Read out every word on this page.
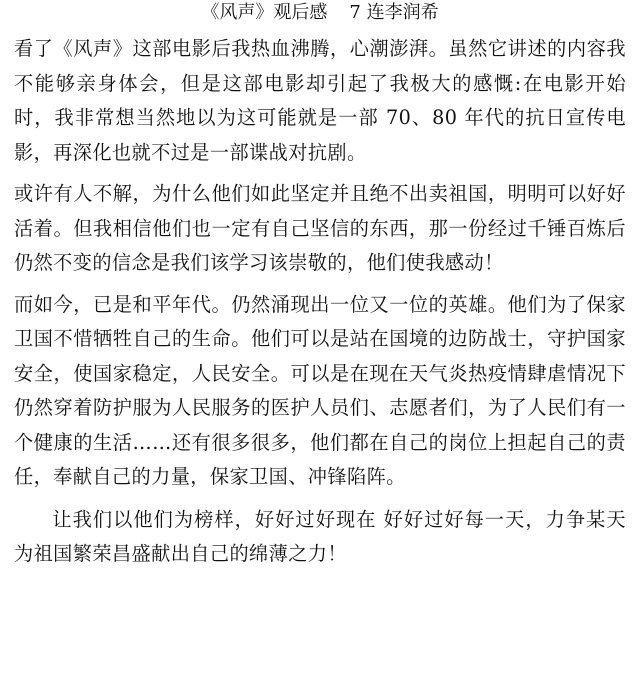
《风声》观后感 7 连李润希

看了《风声》这部电影后我热血沸腾，心潮澎湃。虽然它讲述的内容我不能够亲身体会，但是这部电影却引起了我极大的感慨:在电影开始时，我非常想当然地以为这可能就是一部 70、80 年代的抗日宣传电影，再深化也就不过是一部谍战对抗剧。

或许有人不解，为什么他们如此坚定并且绝不出卖祖国，明明可以好好活着。但我相信他们也一定有自己坚信的东西，那一份经过千锤百炼后仍然不变的信念是我们该学习该崇敬的，他们使我感动！

而如今，已是和平年代。仍然涌现出一位又一位的英雄。他们为了保家卫国不惜牺牲自己的生命。他们可以是站在国境的边防战士，守护国家安全，使国家稳定，人民安全。可以是在现在天气炎热疫情肆虐情况下仍然穿着防护服为人民服务的医护人员们、志愿者们，为了人民们有一个健康的生活……还有很多很多，他们都在自己的岗位上担起自己的责任，奉献自己的力量，保家卫国、冲锋陷阵。

让我们以他们为榜样，好好过好现在 好好过好每一天，力争某天为祖国繁荣昌盛献出自己的绵薄之力！
